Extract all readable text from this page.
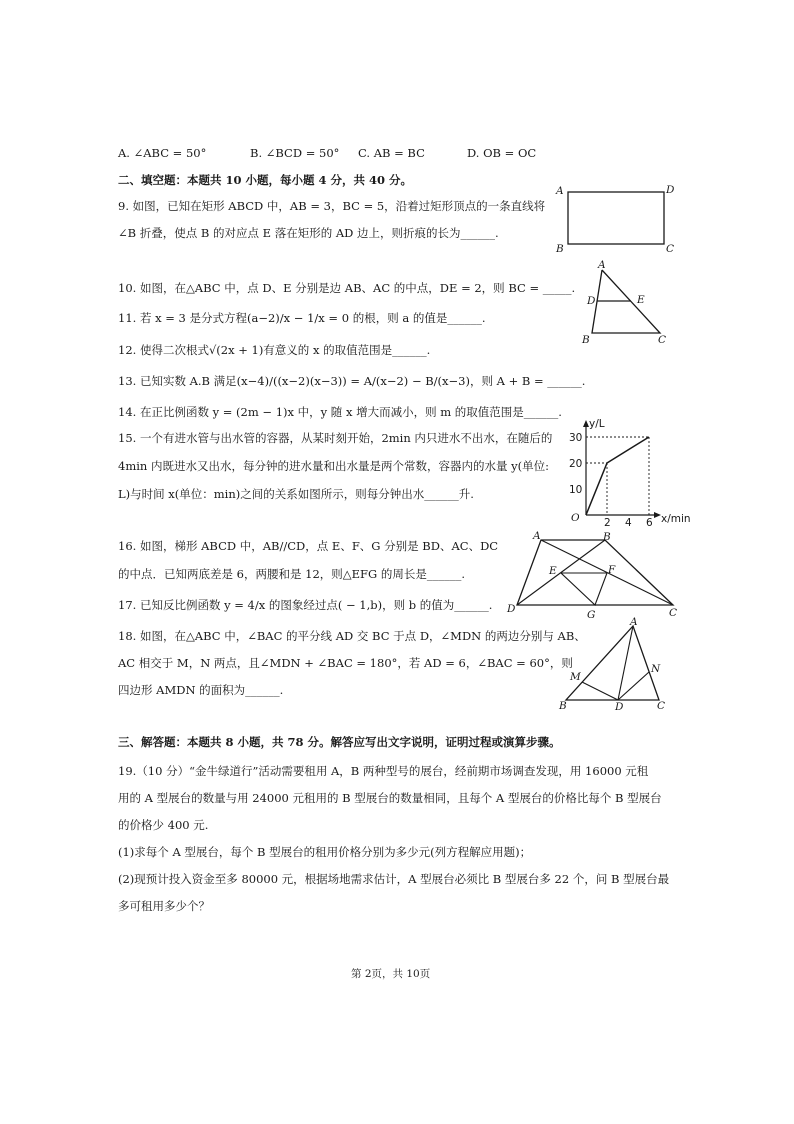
A. ∠ABC = 50°	B. ∠BCD = 50° C. AB = BC	D. OB = OC
二、填空题：本题共 10 小题，每小题 4 分，共 40 分。
9. 如图，已知在矩形 ABCD 中，AB = 3，BC = 5，沿着过矩形顶点的一条直线将
∠B 折叠，使点 B 的对应点 E 落在矩形的 AD 边上，则折痕的长为______.
A	D
B	C
10. 如图，在△ABC 中，点 D、E 分别是边 AB、AC 的中点，DE = 2，则 BC = _____.
A
D	E
B	C
11. 若 x = 3 是分式方程(a−2)/x − 1/x = 0 的根，则 a 的值是______.
12. 使得二次根式√(2x + 1)有意义的 x 的取值范围是______.
13. 已知实数 A.B 满足(x−4)/((x−2)(x−3)) = A/(x−2) − B/(x−3)，则 A + B = ______.
14. 在正比例函数 y = (2m − 1)x 中，y 随 x 增大而减小，则 m 的取值范围是______.
15. 一个有进水管与出水管的容器，从某时刻开始，2min 内只进水不出水，在随后的
4min 内既进水又出水，每分钟的进水量和出水量是两个常数，容器内的水量 y(单位:
L)与时间 x(单位：min)之间的关系如图所示，则每分钟出水______升.
y/L
x/min
O 2 4 6
10
20
30
16. 如图，梯形 ABCD 中，AB//CD，点 E、F、G 分别是 BD、AC、DC
的中点．已知两底差是 6，两腰和是 12，则△EFG 的周长是______.
A	B
D	C
E	F
G
17. 已知反比例函数 y = 4/x 的图象经过点( − 1,b)，则 b 的值为______.
18. 如图，在△ABC 中，∠BAC 的平分线 AD 交 BC 于点 D，∠MDN 的两边分别与 AB、
AC 相交于 M，N 两点，且∠MDN + ∠BAC = 180°，若 AD = 6，∠BAC = 60°，则
四边形 AMDN 的面积为______.
A
M
N
B	D	C
三、解答题：本题共 8 小题，共 78 分。解答应写出文字说明，证明过程或演算步骤。
19.（10 分）“金牛绿道行”活动需要租用 A，B 两种型号的展台，经前期市场调查发现，用 16000 元租
用的 A 型展台的数量与用 24000 元租用的 B 型展台的数量相同，且每个 A 型展台的价格比每个 B 型展台
的价格少 400 元.
(1)求每个 A 型展台，每个 B 型展台的租用价格分别为多少元(列方程解应用题)；
(2)现预计投入资金至多 80000 元，根据场地需求估计，A 型展台必须比 B 型展台多 22 个，问 B 型展台最
多可租用多少个？
第 2页，共 10页
